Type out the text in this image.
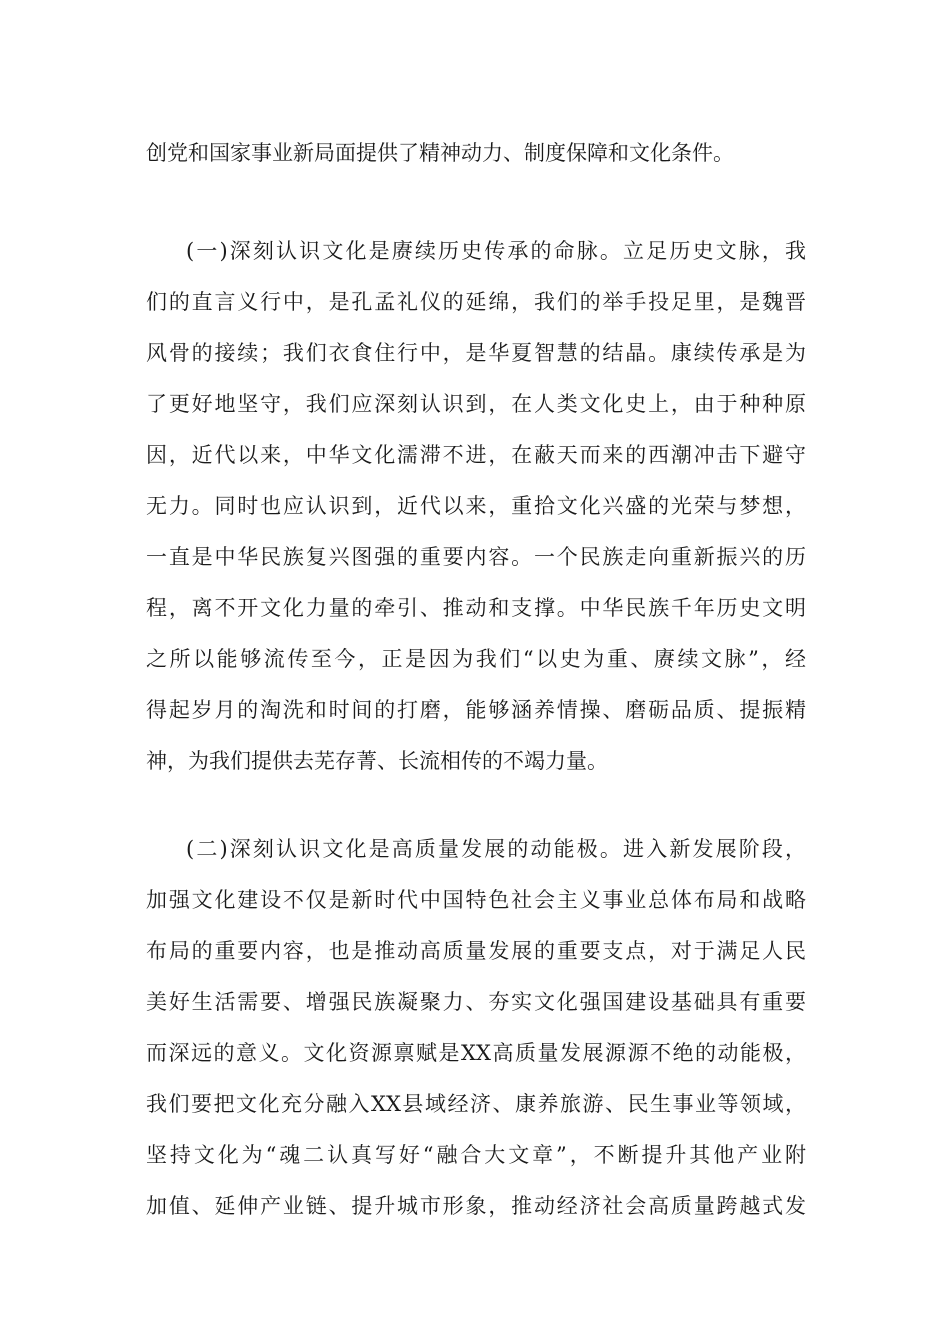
创党和国家事业新局面提供了精神动力、制度保障和文化条件。
(一)深刻认识文化是赓续历史传承的命脉。立足历史文脉，我
们的直言义行中，是孔孟礼仪的延绵，我们的举手投足里，是魏晋
风骨的接续；我们衣食住行中，是华夏智慧的结晶。康续传承是为
了更好地坚守，我们应深刻认识到，在人类文化史上，由于种种原
因，近代以来，中华文化濡滞不进，在蔽天而来的西潮冲击下避守
无力。同时也应认识到，近代以来，重拾文化兴盛的光荣与梦想，
一直是中华民族复兴图强的重要内容。一个民族走向重新振兴的历
程，离不开文化力量的牵引、推动和支撑。中华民族千年历史文明
之所以能够流传至今，正是因为我们“以史为重、赓续文脉”，经
得起岁月的淘洗和时间的打磨，能够涵养情操、磨砺品质、提振精
神，为我们提供去芜存菁、长流相传的不竭力量。
(二)深刻认识文化是高质量发展的动能极。进入新发展阶段，
加强文化建设不仅是新时代中国特色社会主义事业总体布局和战略
布局的重要内容，也是推动高质量发展的重要支点，对于满足人民
美好生活需要、增强民族凝聚力、夯实文化强国建设基础具有重要
而深远的意义。文化资源禀赋是XX高质量发展源源不绝的动能极，
我们要把文化充分融入XX县域经济、康养旅游、民生事业等领域，
坚持文化为“魂二认真写好“融合大文章”，不断提升其他产业附
加值、延伸产业链、提升城市形象，推动经济社会高质量跨越式发
